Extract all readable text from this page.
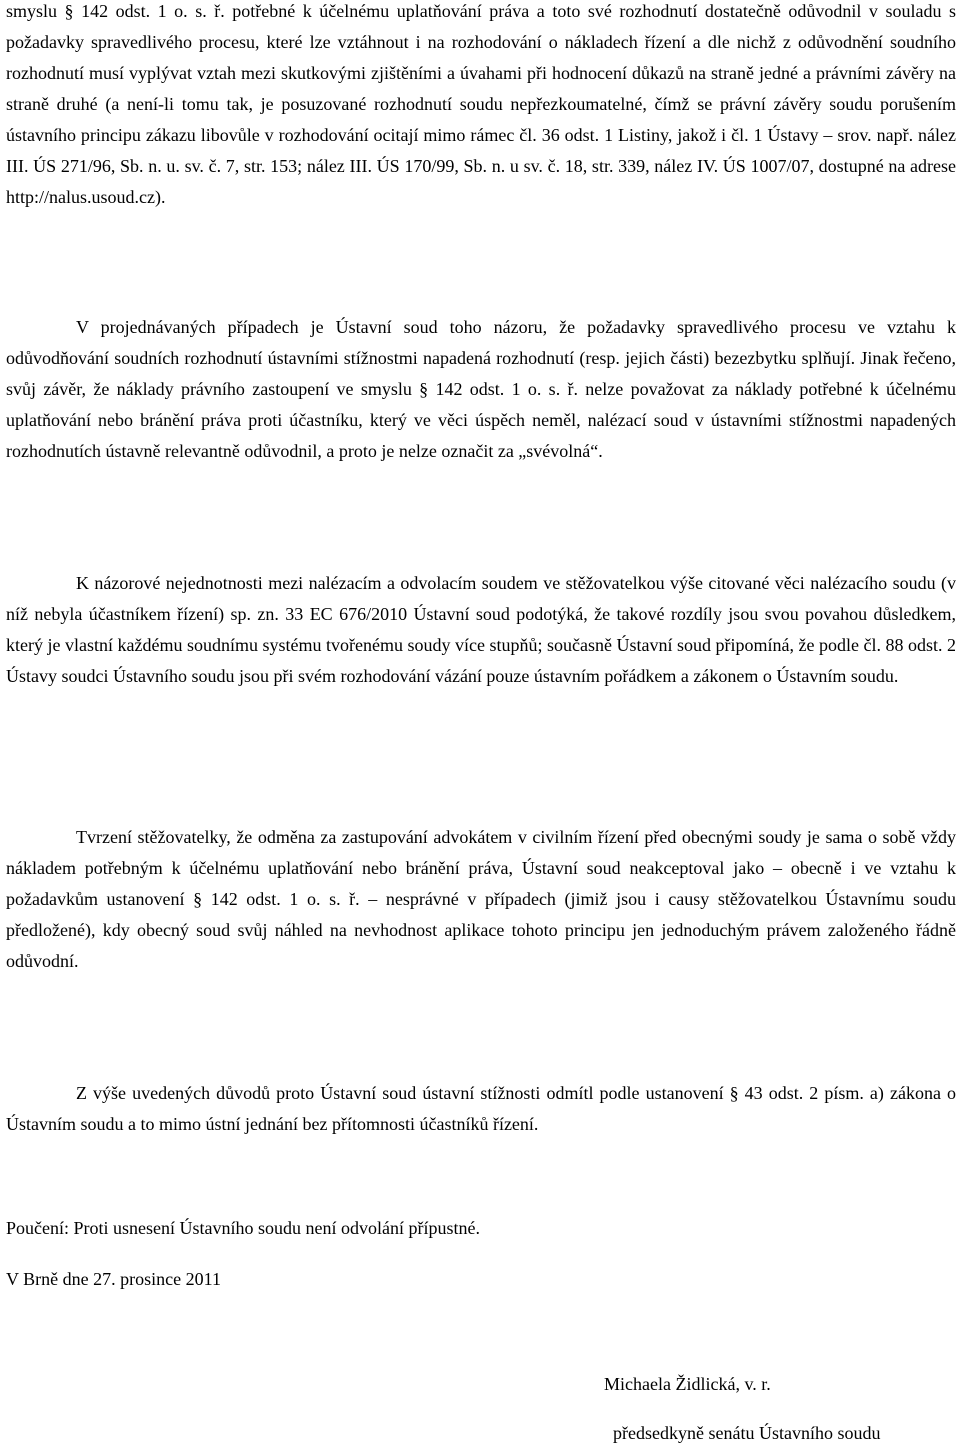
smyslu § 142 odst. 1 o. s. ř. potřebné k účelnému uplatňování práva a toto své rozhodnutí dostatečně odůvodnil v souladu s požadavky spravedlivého procesu, které lze vztáhnout i na rozhodování o nákladech řízení a dle nichž z odůvodnění soudního rozhodnutí musí vyplývat vztah mezi skutkovými zjištěními a úvahami při hodnocení důkazů na straně jedné a právními závěry na straně druhé (a není-li tomu tak, je posuzované rozhodnutí soudu nepřezkoumatelné, čímž se právní závěry soudu porušením ústavního principu zákazu libovůle v rozhodování ocitají mimo rámec čl. 36 odst. 1 Listiny, jakož i čl. 1 Ústavy – srov. např. nález III. ÚS 271/96, Sb. n. u. sv. č. 7, str. 153; nález III. ÚS 170/99, Sb. n. u sv. č. 18, str. 339, nález IV. ÚS 1007/07, dostupné na adrese http://nalus.usoud.cz).
V projednávaných případech je Ústavní soud toho názoru, že požadavky spravedlivého procesu ve vztahu k odůvodňování soudních rozhodnutí ústavními stížnostmi napadená rozhodnutí (resp. jejich části) bezezbytku splňují. Jinak řečeno, svůj závěr, že náklady právního zastoupení ve smyslu § 142 odst. 1 o. s. ř. nelze považovat za náklady potřebné k účelnému uplatňování nebo bránění práva proti účastníku, který ve věci úspěch neměl, nalézací soud v ústavními stížnostmi napadených rozhodnutích ústavně relevantně odůvodnil, a proto je nelze označit za „svévolná“.
K názorové nejednotnosti mezi nalézacím a odvolacím soudem ve stěžovatelkou výše citované věci nalézacího soudu (v níž nebyla účastníkem řízení) sp. zn. 33 EC 676/2010 Ústavní soud podotýká, že takové rozdíly jsou svou povahou důsledkem, který je vlastní každému soudnímu systému tvořenému soudy více stupňů; současně Ústavní soud připomíná, že podle čl. 88 odst. 2 Ústavy soudci Ústavního soudu jsou při svém rozhodování vázání pouze ústavním pořádkem a zákonem o Ústavním soudu.
Tvrzení stěžovatelky, že odměna za zastupování advokátem v civilním řízení před obecnými soudy je sama o sobě vždy nákladem potřebným k účelnému uplatňování nebo bránění práva, Ústavní soud neakceptoval jako – obecně i ve vztahu k požadavkům ustanovení § 142 odst. 1 o. s. ř. – nesprávné v případech (jimiž jsou i causy stěžovatelkou Ústavnímu soudu předložené), kdy obecný soud svůj náhled na nevhodnost aplikace tohoto principu jen jednoduchým právem založeného řádně odůvodní.
Z výše uvedených důvodů proto Ústavní soud ústavní stížnosti odmítl podle ustanovení § 43 odst. 2 písm. a) zákona o Ústavním soudu a to mimo ústní jednání bez přítomnosti účastníků řízení.
Poučení: Proti usnesení Ústavního soudu není odvolání přípustné.
V Brně dne 27. prosince 2011
Michaela Židlická, v. r.
předsedkyně senátu Ústavního soudu
